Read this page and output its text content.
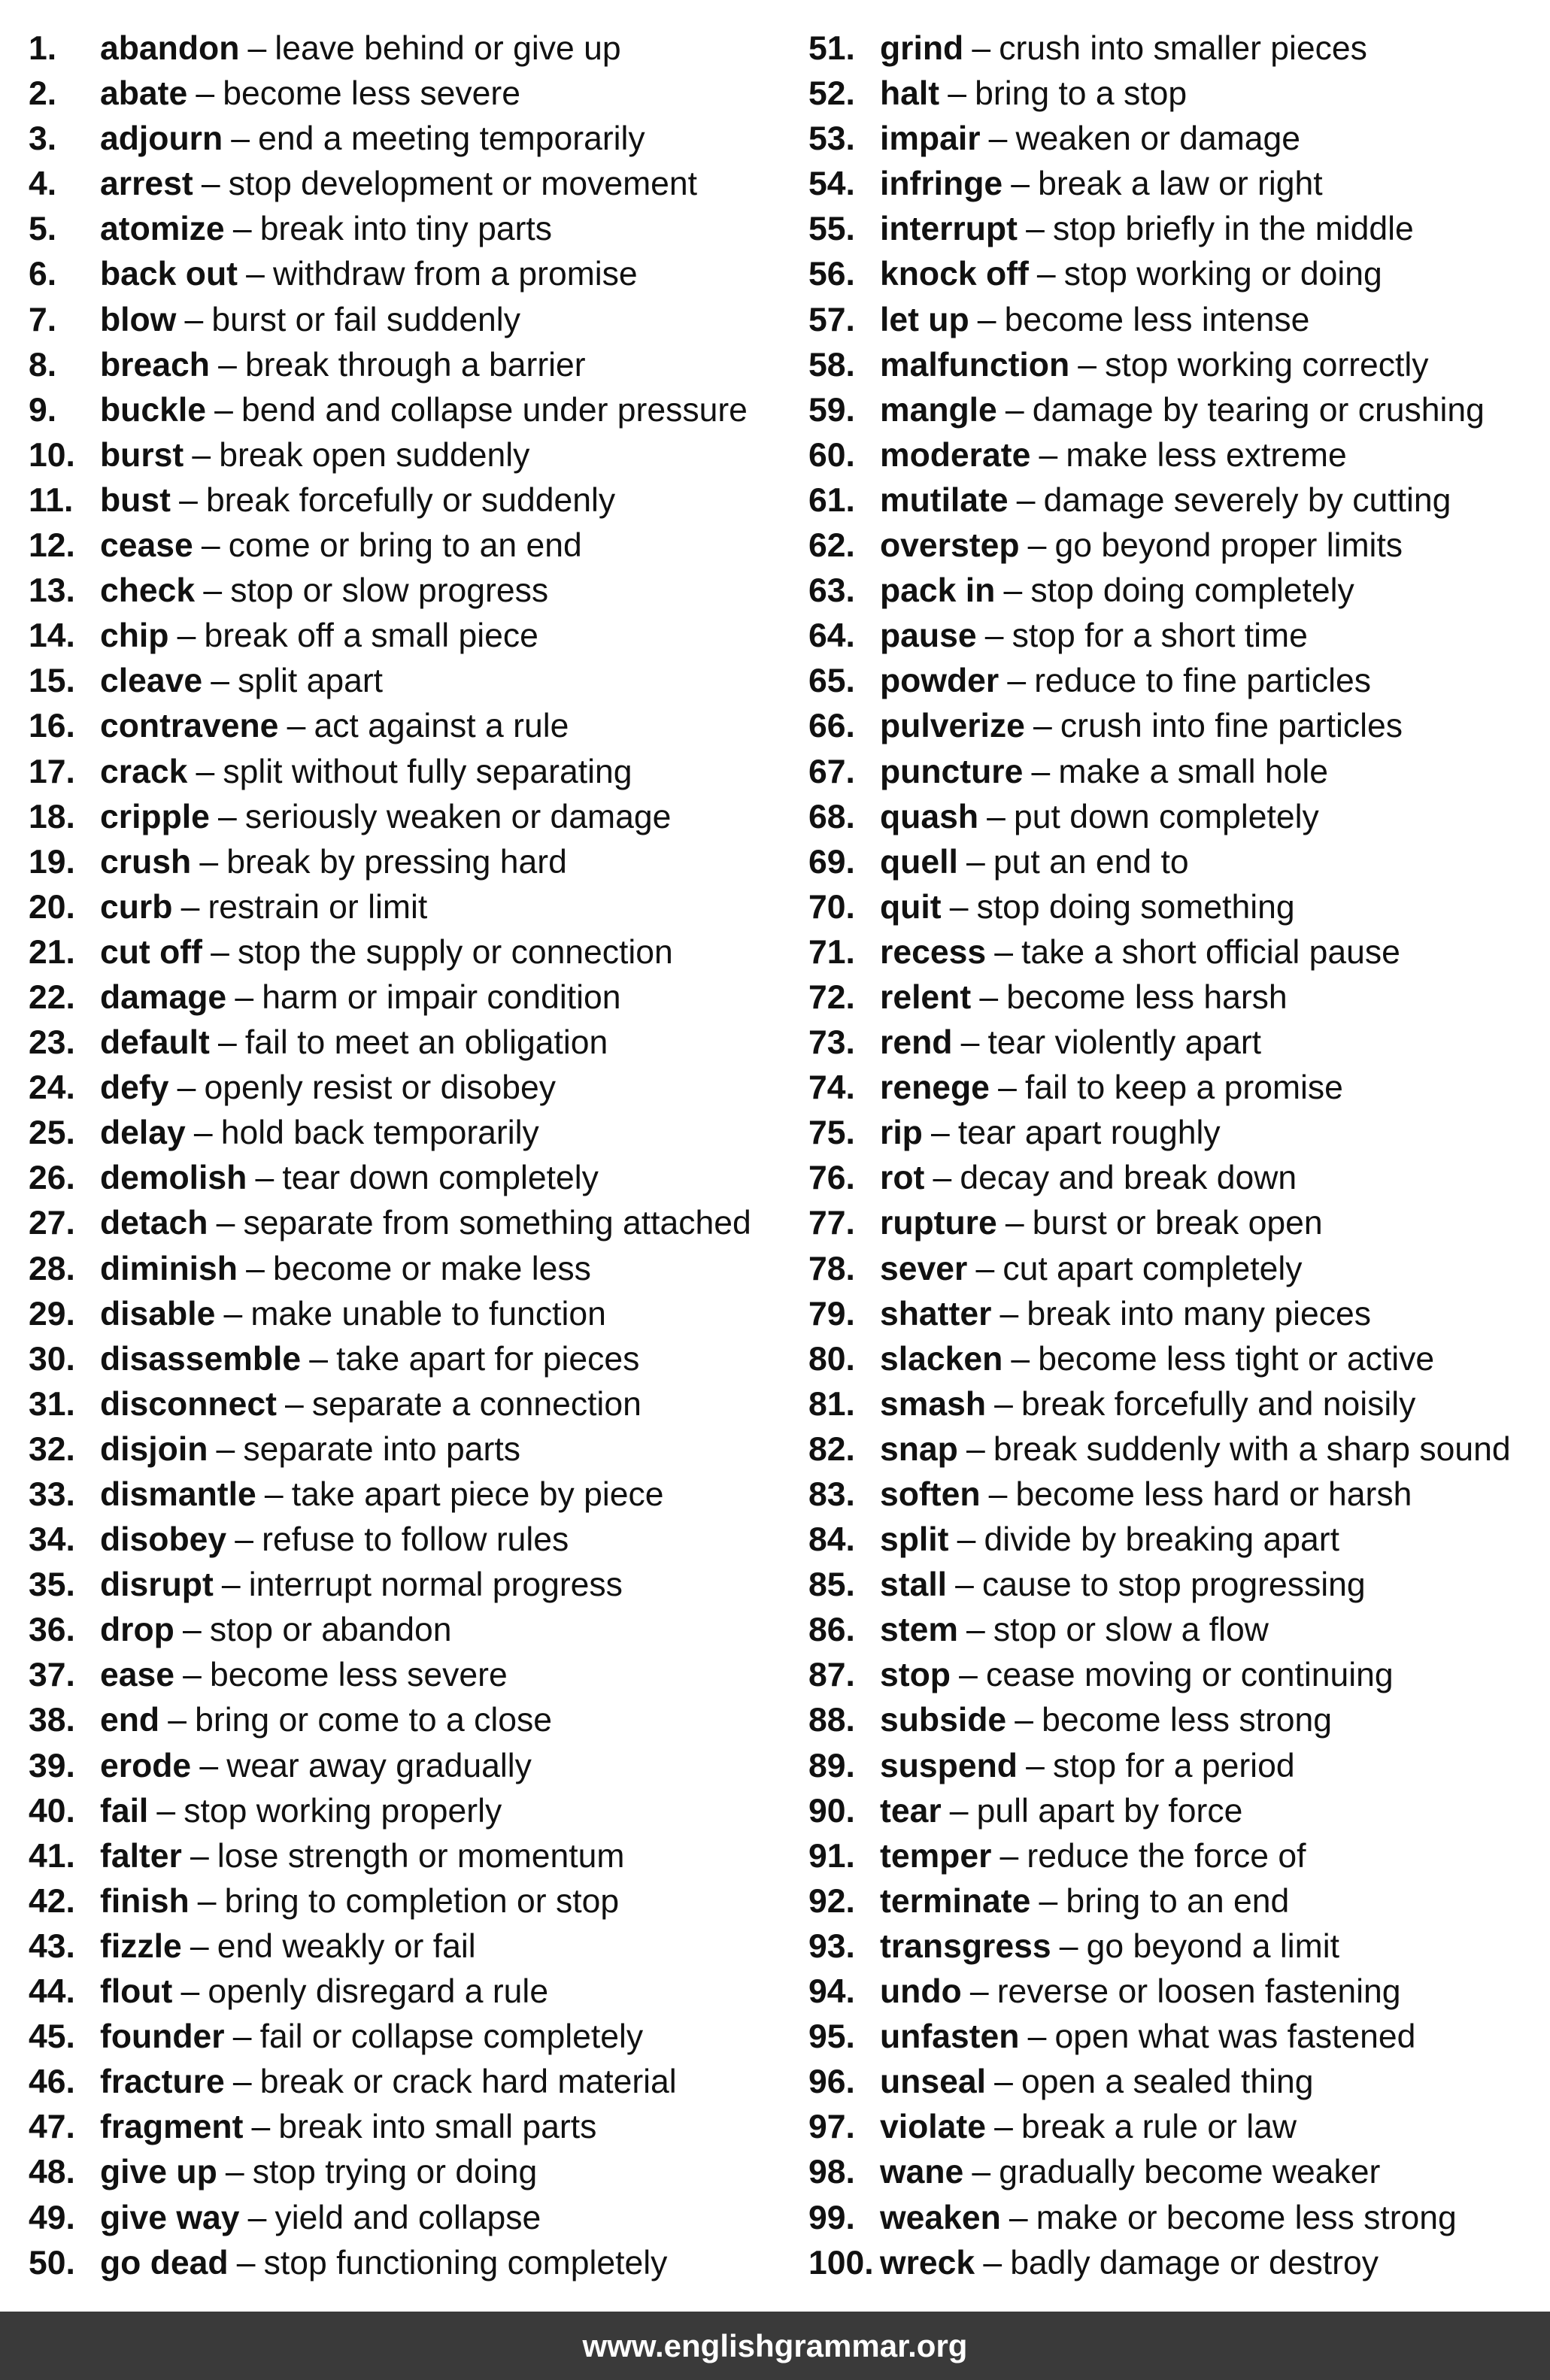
1. abandon – leave behind or give up
2. abate – become less severe
3. adjourn – end a meeting temporarily
4. arrest – stop development or movement
5. atomize – break into tiny parts
6. back out – withdraw from a promise
7. blow – burst or fail suddenly
8. breach – break through a barrier
9. buckle – bend and collapse under pressure
10. burst – break open suddenly
11. bust – break forcefully or suddenly
12. cease – come or bring to an end
13. check – stop or slow progress
14. chip – break off a small piece
15. cleave – split apart
16. contravene – act against a rule
17. crack – split without fully separating
18. cripple – seriously weaken or damage
19. crush – break by pressing hard
20. curb – restrain or limit
21. cut off – stop the supply or connection
22. damage – harm or impair condition
23. default – fail to meet an obligation
24. defy – openly resist or disobey
25. delay – hold back temporarily
26. demolish – tear down completely
27. detach – separate from something attached
28. diminish – become or make less
29. disable – make unable to function
30. disassemble – take apart for pieces
31. disconnect – separate a connection
32. disjoin – separate into parts
33. dismantle – take apart piece by piece
34. disobey – refuse to follow rules
35. disrupt – interrupt normal progress
36. drop – stop or abandon
37. ease – become less severe
38. end – bring or come to a close
39. erode – wear away gradually
40. fail – stop working properly
41. falter – lose strength or momentum
42. finish – bring to completion or stop
43. fizzle – end weakly or fail
44. flout – openly disregard a rule
45. founder – fail or collapse completely
46. fracture – break or crack hard material
47. fragment – break into small parts
48. give up – stop trying or doing
49. give way – yield and collapse
50. go dead – stop functioning completely
51. grind – crush into smaller pieces
52. halt – bring to a stop
53. impair – weaken or damage
54. infringe – break a law or right
55. interrupt – stop briefly in the middle
56. knock off – stop working or doing
57. let up – become less intense
58. malfunction – stop working correctly
59. mangle – damage by tearing or crushing
60. moderate – make less extreme
61. mutilate – damage severely by cutting
62. overstep – go beyond proper limits
63. pack in – stop doing completely
64. pause – stop for a short time
65. powder – reduce to fine particles
66. pulverize – crush into fine particles
67. puncture – make a small hole
68. quash – put down completely
69. quell – put an end to
70. quit – stop doing something
71. recess – take a short official pause
72. relent – become less harsh
73. rend – tear violently apart
74. renege – fail to keep a promise
75. rip – tear apart roughly
76. rot – decay and break down
77. rupture – burst or break open
78. sever – cut apart completely
79. shatter – break into many pieces
80. slacken – become less tight or active
81. smash – break forcefully and noisily
82. snap – break suddenly with a sharp sound
83. soften – become less hard or harsh
84. split – divide by breaking apart
85. stall – cause to stop progressing
86. stem – stop or slow a flow
87. stop – cease moving or continuing
88. subside – become less strong
89. suspend – stop for a period
90. tear – pull apart by force
91. temper – reduce the force of
92. terminate – bring to an end
93. transgress – go beyond a limit
94. undo – reverse or loosen fastening
95. unfasten – open what was fastened
96. unseal – open a sealed thing
97. violate – break a rule or law
98. wane – gradually become weaker
99. weaken – make or become less strong
100. wreck – badly damage or destroy
www.englishgrammar.org
